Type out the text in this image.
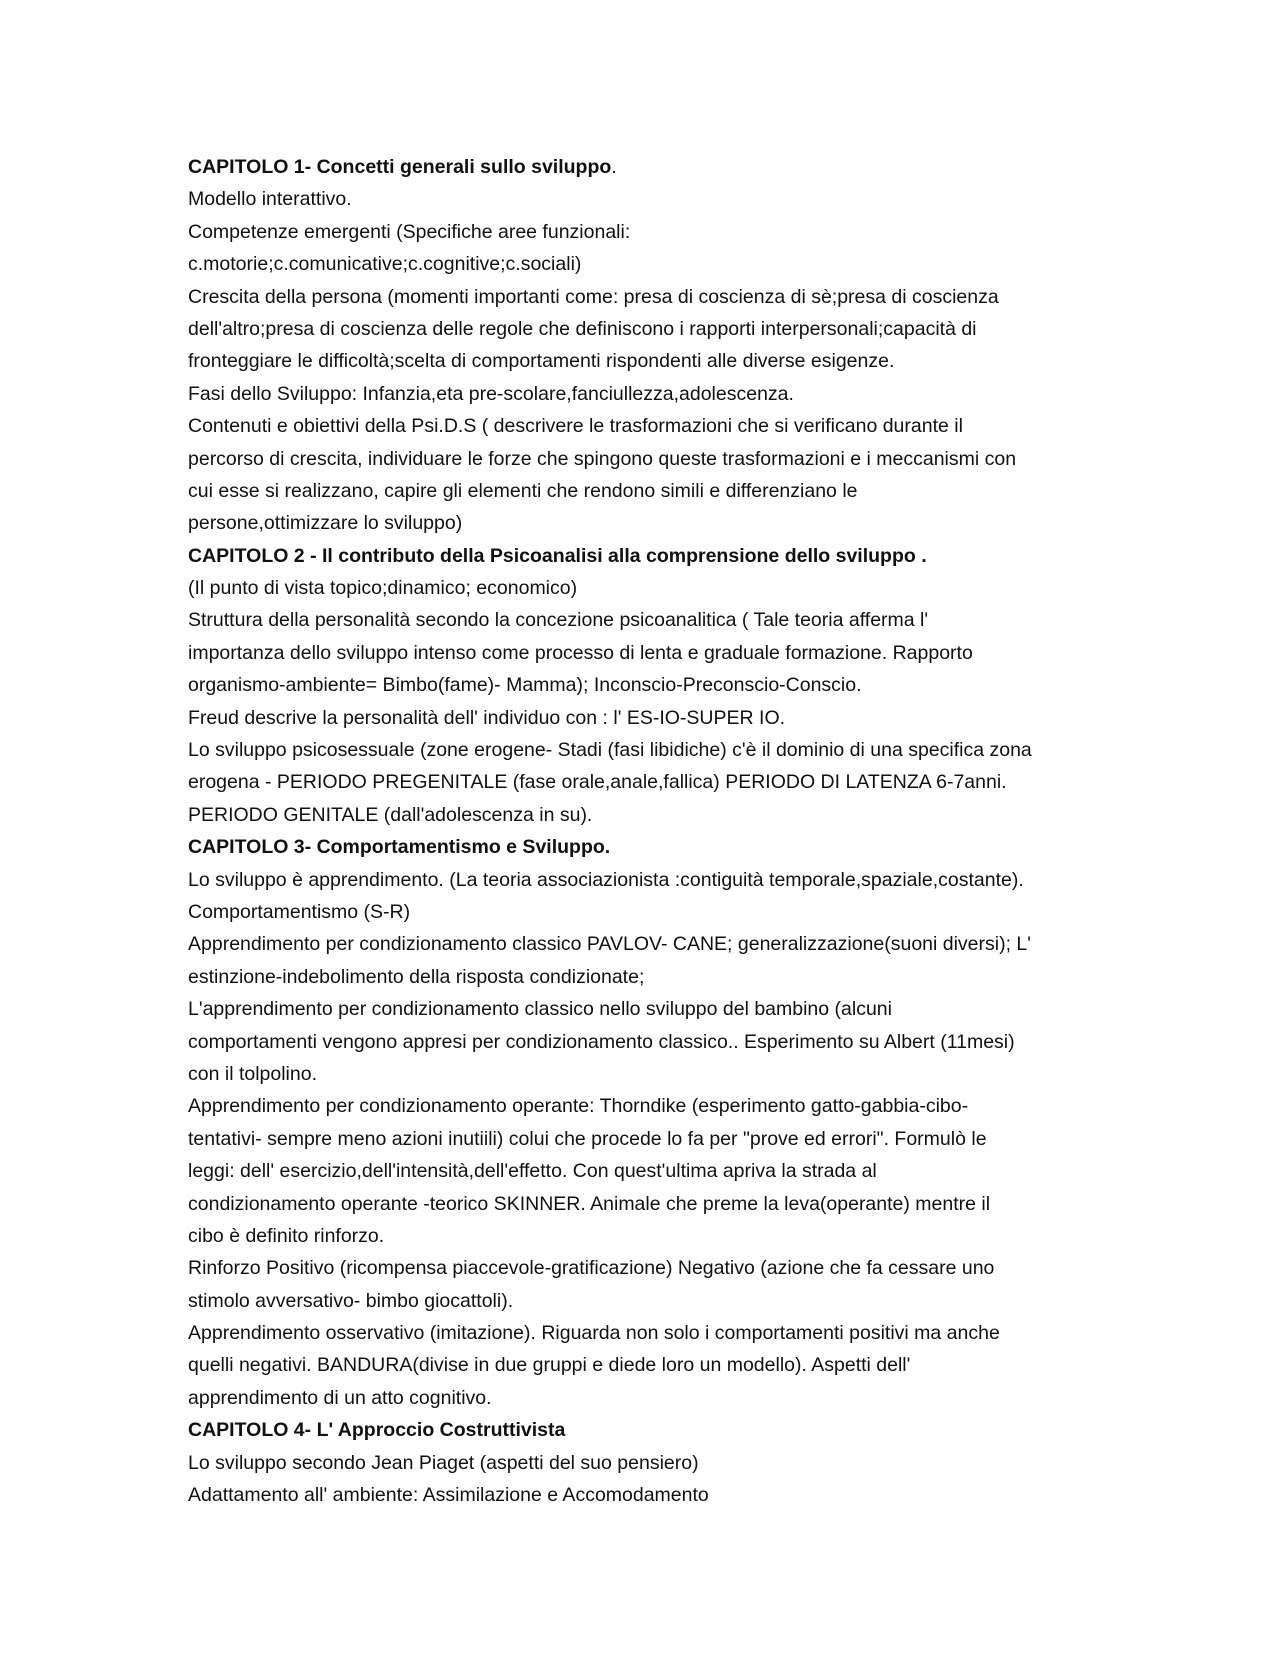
CAPITOLO 1- Concetti generali sullo sviluppo.
Modello interattivo.
Competenze emergenti (Specifiche aree funzionali:
c.motorie;c.comunicative;c.cognitive;c.sociali)
Crescita della persona (momenti importanti come: presa di coscienza di sè;presa di coscienza
dell'altro;presa di coscienza delle regole che definiscono i rapporti interpersonali;capacità di
fronteggiare le difficoltà;scelta di comportamenti rispondenti alle diverse esigenze.
Fasi dello Sviluppo: Infanzia,eta pre-scolare,fanciullezza,adolescenza.
Contenuti e obiettivi della Psi.D.S ( descrivere le trasformazioni che si verificano durante il
percorso di crescita, individuare le forze che spingono queste trasformazioni e i meccanismi con
cui esse si realizzano, capire gli elementi che rendono simili e differenziano le
persone,ottimizzare lo sviluppo)
CAPITOLO 2 - Il contributo della Psicoanalisi alla comprensione dello sviluppo .
(Il punto di vista topico;dinamico; economico)
Struttura della personalità secondo la concezione psicoanalitica ( Tale teoria afferma l'
importanza dello sviluppo intenso come processo di lenta e graduale formazione. Rapporto
organismo-ambiente= Bimbo(fame)- Mamma); Inconscio-Preconscio-Conscio.
Freud descrive la personalità dell' individuo con : l' ES-IO-SUPER IO.
Lo sviluppo psicosessuale (zone erogene- Stadi (fasi libidiche) c'è il dominio di una specifica zona
erogena - PERIODO PREGENITALE (fase orale,anale,fallica) PERIODO DI LATENZA 6-7anni.
PERIODO GENITALE (dall'adolescenza in su).
CAPITOLO 3- Comportamentismo e Sviluppo.
Lo sviluppo è apprendimento. (La teoria associazionista :contiguità temporale,spaziale,costante).
Comportamentismo (S-R)
Apprendimento per condizionamento classico PAVLOV- CANE; generalizzazione(suoni diversi); L'
estinzione-indebolimento della risposta condizionate;
L'apprendimento per condizionamento classico nello sviluppo del bambino (alcuni
comportamenti vengono appresi per condizionamento classico.. Esperimento su Albert (11mesi)
con il tolpolino.
Apprendimento per condizionamento operante: Thorndike (esperimento gatto-gabbia-cibo-
tentativi- sempre meno azioni inutiili) colui che procede lo fa per "prove ed errori". Formulò le
leggi: dell' esercizio,dell'intensità,dell'effetto. Con quest'ultima apriva la strada al
condizionamento operante -teorico SKINNER. Animale che preme la leva(operante) mentre il
cibo è definito rinforzo.
Rinforzo Positivo (ricompensa piaccevole-gratificazione) Negativo (azione che fa cessare uno
stimolo avversativo- bimbo giocattoli).
Apprendimento osservativo (imitazione). Riguarda non solo i comportamenti positivi ma anche
quelli negativi. BANDURA(divise in due gruppi e diede loro un modello). Aspetti dell'
apprendimento di un atto cognitivo.
CAPITOLO 4- L' Approccio Costruttivista
Lo sviluppo secondo Jean Piaget (aspetti del suo pensiero)
Adattamento all' ambiente: Assimilazione e Accomodamento
